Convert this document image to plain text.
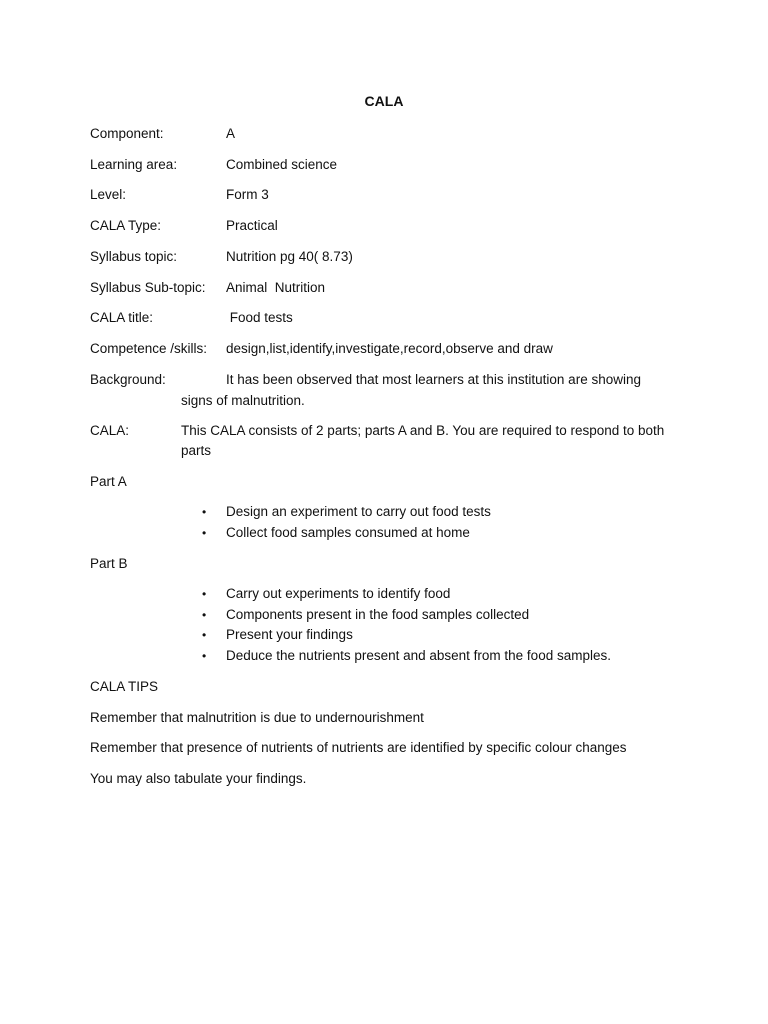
CALA
Component:	A
Learning area:	Combined science
Level:	Form 3
CALA Type:	Practical
Syllabus topic:	Nutrition pg 40( 8.73)
Syllabus Sub-topic: Animal  Nutrition
CALA title:	Food tests
Competence /skills: design,list,identify,investigate,record,observe and draw
Background:	It has been observed that most learners at this institution are showing
signs of malnutrition.
CALA:	This CALA consists of 2 parts; parts A and B. You are required to respond to both
parts
Part A
• Design an experiment to carry out food tests
• Collect food samples consumed at home
Part B
• Carry out experiments to identify food
• Components present in the food samples collected
• Present your findings
• Deduce the nutrients present and absent from the food samples.
CALA TIPS
Remember that malnutrition is due to undernourishment
Remember that presence of nutrients of nutrients are identified by specific colour changes
You may also tabulate your findings.
